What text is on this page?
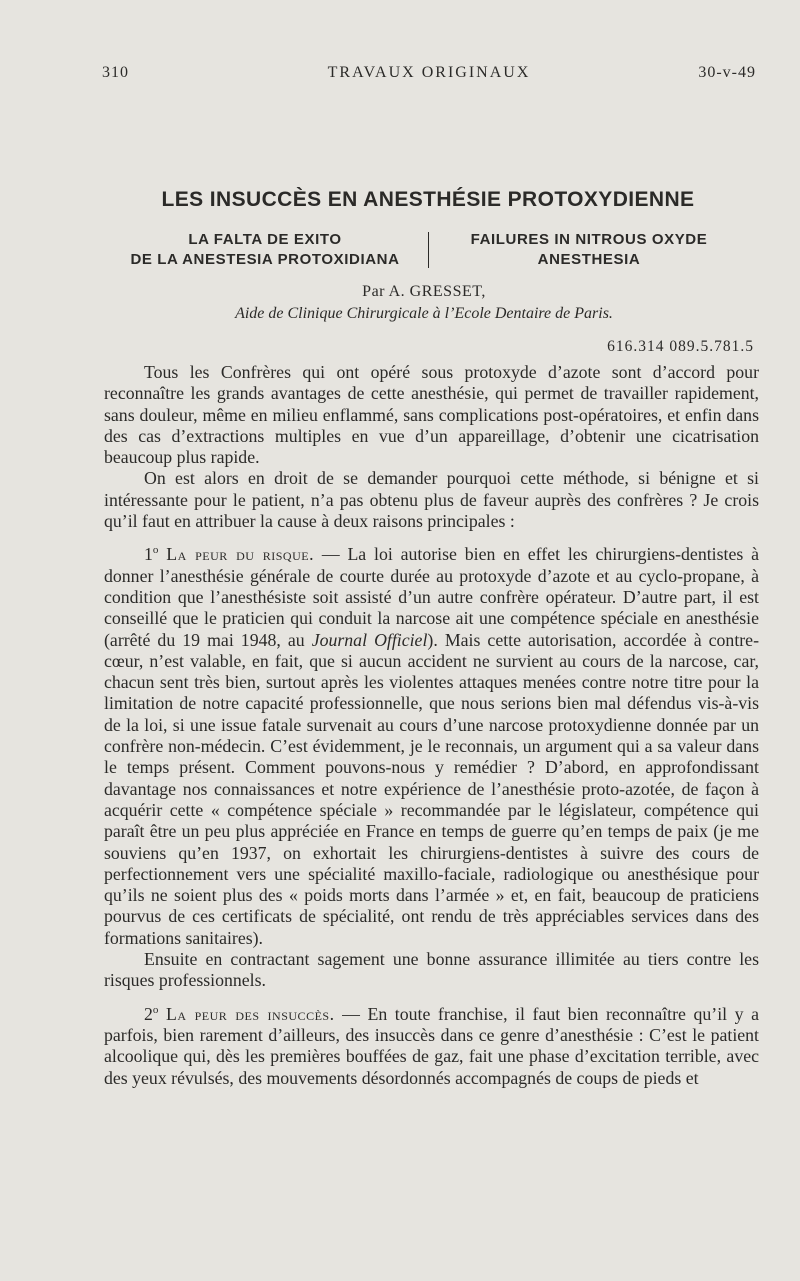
310	TRAVAUX ORIGINAUX	30-v-49
LES INSUCCÈS EN ANESTHÉSIE PROTOXYDIENNE
LA FALTA DE EXITO
DE LA ANESTESIA PROTOXIDIANA
FAILURES IN NITROUS OXYDE
ANESTHESIA
Par A. GRESSET,
Aide de Clinique Chirurgicale à l’Ecole Dentaire de Paris.
616.314 089.5.781.5

Tous les Confrères qui ont opéré sous protoxyde d’azote sont d’accord pour reconnaître les grands avantages de cette anesthésie, qui permet de travailler rapidement, sans douleur, même en milieu enflammé, sans complications post-opératoires, et enfin dans des cas d’extractions multiples en vue d’un appareillage, d’obtenir une cicatrisation beaucoup plus rapide.

On est alors en droit de se demander pourquoi cette méthode, si bénigne et si intéressante pour le patient, n’a pas obtenu plus de faveur auprès des confrères ? Je crois qu’il faut en attribuer la cause à deux raisons principales :

1$^o$ La peur du risque. — La loi autorise bien en effet les chirurgiens-dentistes à donner l’anesthésie générale de courte durée au protoxyde d’azote et au cyclo-propane, à condition que l’anesthésiste soit assisté d’un autre confrère opérateur. D’autre part, il est conseillé que le praticien qui conduit la narcose ait une compétence spéciale en anesthésie (arrêté du 19 mai 1948, au Journal Officiel). Mais cette autorisation, accordée à contre-cœur, n’est valable, en fait, que si aucun accident ne survient au cours de la narcose, car, chacun sent très bien, surtout après les violentes attaques menées contre notre titre pour la limitation de notre capacité professionnelle, que nous serions bien mal défendus vis-à-vis de la loi, si une issue fatale survenait au cours d’une narcose protoxydienne donnée par un confrère non-médecin. C’est évidemment, je le reconnais, un argument qui a sa valeur dans le temps présent. Comment pouvons-nous y remédier ? D’abord, en approfondissant davantage nos connaissances et notre expérience de l’anesthésie proto-azotée, de façon à acquérir cette « compétence spéciale » recommandée par le législateur, compétence qui paraît être un peu plus appréciée en France en temps de guerre qu’en temps de paix (je me souviens qu’en 1937, on exhortait les chirurgiens-dentistes à suivre des cours de perfectionnement vers une spécialité maxillo-faciale, radiologique ou anesthésique pour qu’ils ne soient plus des « poids morts dans l’armée » et, en fait, beaucoup de praticiens pourvus de ces certificats de spécialité, ont rendu de très appréciables services dans des formations sanitaires).

Ensuite en contractant sagement une bonne assurance illimitée au tiers contre les risques professionnels.

2$^o$ La peur des insuccès. — En toute franchise, il faut bien reconnaître qu’il y a parfois, bien rarement d’ailleurs, des insuccès dans ce genre d’anesthésie : C’est le patient alcoolique qui, dès les premières bouffées de gaz, fait une phase d’excitation terrible, avec des yeux révulsés, des mouvements désordonnés accompagnés de coups de pieds et
